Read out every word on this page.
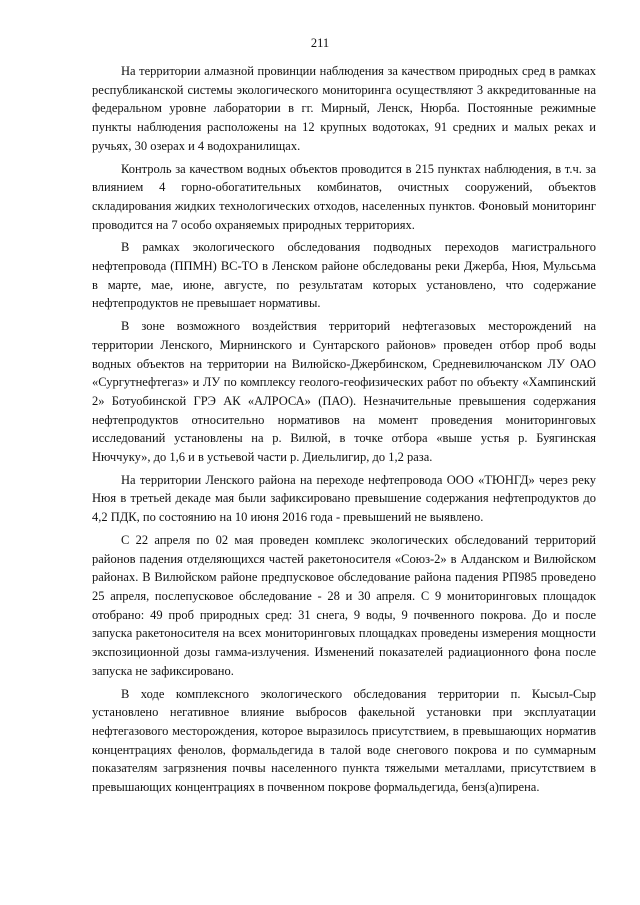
211

На территории алмазной провинции наблюдения за качеством природных сред в рамках республиканской системы экологического мониторинга осуществляют 3 аккредитованные на федеральном уровне лаборатории в гг. Мирный, Ленск, Нюрба. Постоянные режимные пункты наблюдения расположены на 12 крупных водотоках, 91 средних и малых реках и ручьях, 30 озерах и 4 водохранилищах.

Контроль за качеством водных объектов проводится в 215 пунктах наблюдения, в т.ч. за влиянием 4 горно-обогатительных комбинатов, очистных сооружений, объектов складирования жидких технологических отходов, населенных пунктов. Фоновый мониторинг проводится на 7 особо охраняемых природных территориях.

В рамках экологического обследования подводных переходов магистрального нефтепровода (ППМН) ВС-ТО в Ленском районе обследованы реки Джерба, Нюя, Мульсьма в марте, мае, июне, августе, по результатам которых установлено, что содержание нефтепродуктов не превышает нормативы.

В зоне возможного воздействия территорий нефтегазовых месторождений на территории Ленского, Мирнинского и Сунтарского районов» проведен отбор проб воды водных объектов на территории на Вилюйско-Джербинском, Средневилючанском ЛУ ОАО «Сургутнефтегаз» и ЛУ по комплексу геолого-геофизических работ по объекту «Хампинский 2» Ботуобинской ГРЭ АК «АЛРОСА» (ПАО). Незначительные превышения содержания нефтепродуктов относительно нормативов на момент проведения мониторинговых исследований установлены на р. Вилюй, в точке отбора «выше устья р. Буягинская Нюччуку», до 1,6 и в устьевой части р. Диельлигир, до 1,2 раза.

На территории Ленского района на переходе нефтепровода ООО «ТЮНГД» через реку Нюя в третьей декаде мая были зафиксировано превышение содержания нефтепродуктов до 4,2 ПДК, по состоянию на 10 июня 2016 года - превышений не выявлено.

С 22 апреля по 02 мая проведен комплекс экологических обследований территорий районов падения отделяющихся частей ракетоносителя «Союз-2» в Алданском и Вилюйском районах. В Вилюйском районе предпусковое обследование района падения РП985 проведено 25 апреля, послепусковое обследование - 28 и 30 апреля. С 9 мониторинговых площадок отобрано: 49 проб природных сред: 31 снега, 9 воды, 9 почвенного покрова. До и после запуска ракетоносителя на всех мониторинговых площадках проведены измерения мощности экспозиционной дозы гамма-излучения. Изменений показателей радиационного фона после запуска не зафиксировано.

В ходе комплексного экологического обследования территории п. Кысыл-Сыр установлено негативное влияние выбросов факельной установки при эксплуатации нефтегазового месторождения, которое выразилось присутствием, в превышающих норматив концентрациях фенолов, формальдегида в талой воде снегового покрова и по суммарным показателям загрязнения почвы населенного пункта тяжелыми металлами, присутствием в превышающих концентрациях в почвенном покрове формальдегида, бенз(а)пирена.
